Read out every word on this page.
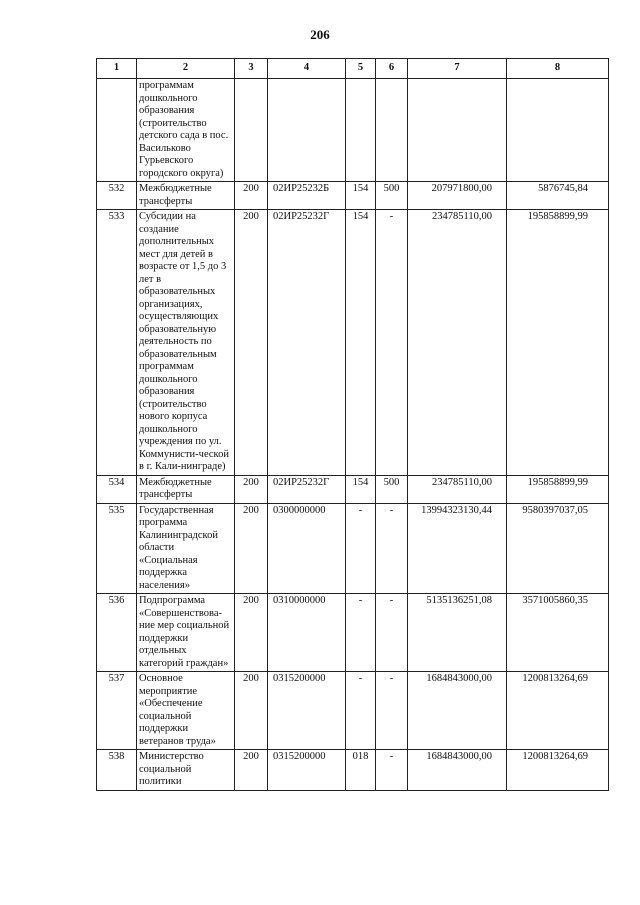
206
1	2	3	4	5	6	7	8
	программам дошкольного образования (строительство детского сада в пос. Васильково Гурьевского городского округа)						
532	Межбюджетные трансферты	200	02ИР25232Б	154	500	207971800,00	5876745,84
533	Субсидии на создание дополнительных мест для детей в возрасте от 1,5 до 3 лет в образовательных организациях, осуществляющих образовательную деятельность по образовательным программам дошкольного образования (строительство нового корпуса дошкольного учреждения по ул. Коммунисти-ческой в г. Кали-нинграде)	200	02ИР25232Г	154	-	234785110,00	195858899,99
534	Межбюджетные трансферты	200	02ИР25232Г	154	500	234785110,00	195858899,99
535	Государственная программа Калининградской области «Социальная поддержка населения»	200	0300000000	-	-	13994323130,44	9580397037,05
536	Подпрограмма «Совершенствова-ние мер социальной поддержки отдельных категорий граждан»	200	0310000000	-	-	5135136251,08	3571005860,35
537	Основное мероприятие «Обеспечение социальной поддержки ветеранов труда»	200	0315200000	-	-	1684843000,00	1200813264,69
538	Министерство социальной политики	200	0315200000	018	-	1684843000,00	1200813264,69
